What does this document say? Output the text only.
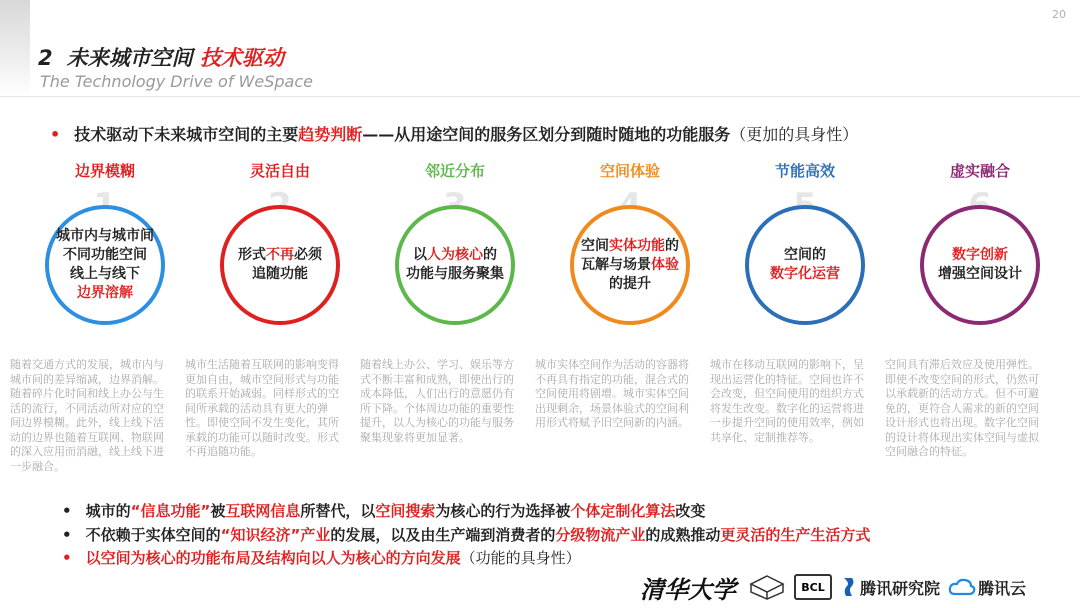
20
2 未来城市空间 技术驱动
The Technology Drive of WeSpace
• 技术驱动下未来城市空间的主要趋势判断——从用途空间的服务区划分到随时随地的功能服务（更加的具身性）
边界模糊
城市内与城市间
不同功能空间
线上与线下
边界溶解
随着交通方式的发展，城市内与城市间的差异缩减，边界消解。随着碎片化时间和线上办公与生活的流行，不同活动所对应的空间边界模糊。此外，线上线下活动的边界也随着互联网、物联网的深入应用而消融，线上线下进一步融合。
灵活自由
形式不再必须
追随功能
城市生活随着互联网的影响变得更加自由，城市空间形式与功能的联系开始减弱。同样形式的空间所承载的活动具有更大的弹性。即使空间不发生变化，其所承载的功能可以随时改变。形式不再追随功能。
邻近分布
以人为核心的
功能与服务聚集
随着线上办公、学习、娱乐等方式不断丰富和成熟，即使出行的成本降低，人们出行的意愿仍有所下降。个体周边功能的重要性提升，以人为核心的功能与服务聚集现象将更加显著。
空间体验
空间实体功能的
瓦解与场景体验
的提升
城市实体空间作为活动的容器将不再具有指定的功能，混合式的空间使用将剧增。城市实体空间出现剩余，场景体验式的空间利用形式将赋予旧空间新的内涵。
节能高效
空间的
数字化运营
城市在移动互联网的影响下，呈现出运营化的特征。空间也许不会改变，但空间使用的组织方式将发生改变。数字化的运营将进一步提升空间的使用效率，例如共享化、定制推荐等。
虚实融合
数字创新
增强空间设计
空间具有滞后效应及使用弹性。即使不改变空间的形式，仍然可以承载新的活动方式。但不可避免的，更符合人需求的新的空间设计形式也将出现。数字化空间的设计将体现出实体空间与虚拟空间融合的特征。
• 城市的“信息功能”被互联网信息所替代，以空间搜索为核心的行为选择被个体定制化算法改变
• 不依赖于实体空间的“知识经济”产业的发展，以及由生产端到消费者的分级物流产业的成熟推动更灵活的生产生活方式
• 以空间为核心的功能布局及结构向以人为核心的方向发展（功能的具身性）
清华大学	BCL	腾讯研究院 腾讯云
